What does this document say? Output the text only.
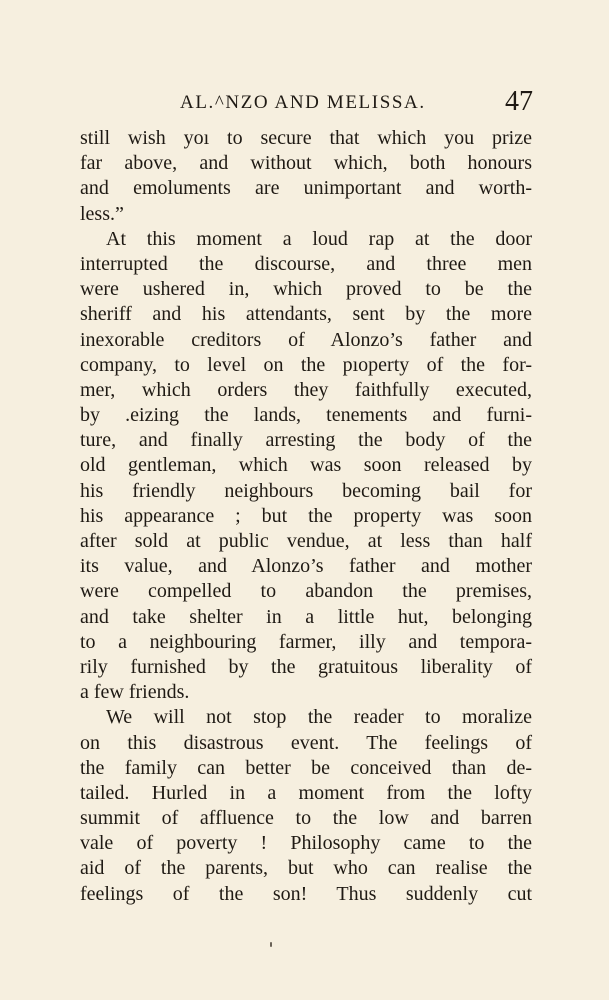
AL.^NZO AND MELISSA.	47
still wish yoı to secure that which you prize
far above, and without which, both honours
and emoluments are unimportant and worth-
less.”
At this moment a loud rap at the door
interrupted the discourse, and three men
were ushered in, which proved to be the
sheriff and his attendants, sent by the more
inexorable creditors of Alonzo’s father and
company, to level on the pıoperty of the for-
mer, which orders they faithfully executed,
by .eizing the lands, tenements and furni-
ture, and finally arresting the body of the
old gentleman, which was soon released by
his friendly neighbours becoming bail for
his appearance ; but the property was soon
after sold at public vendue, at less than half
its value, and Alonzo’s father and mother
were compelled to abandon the premises,
and take shelter in a little hut, belonging
to a neighbouring farmer, illy and tempora-
rily furnished by the gratuitous liberality of
a few friends.
We will not stop the reader to moralize
on this disastrous event. The feelings of
the family can better be conceived than de-
tailed. Hurled in a moment from the lofty
summit of affluence to the low and barren
vale of poverty ! Philosophy came to the
aid of the parents, but who can realise the
feelings of the son! Thus suddenly cut
